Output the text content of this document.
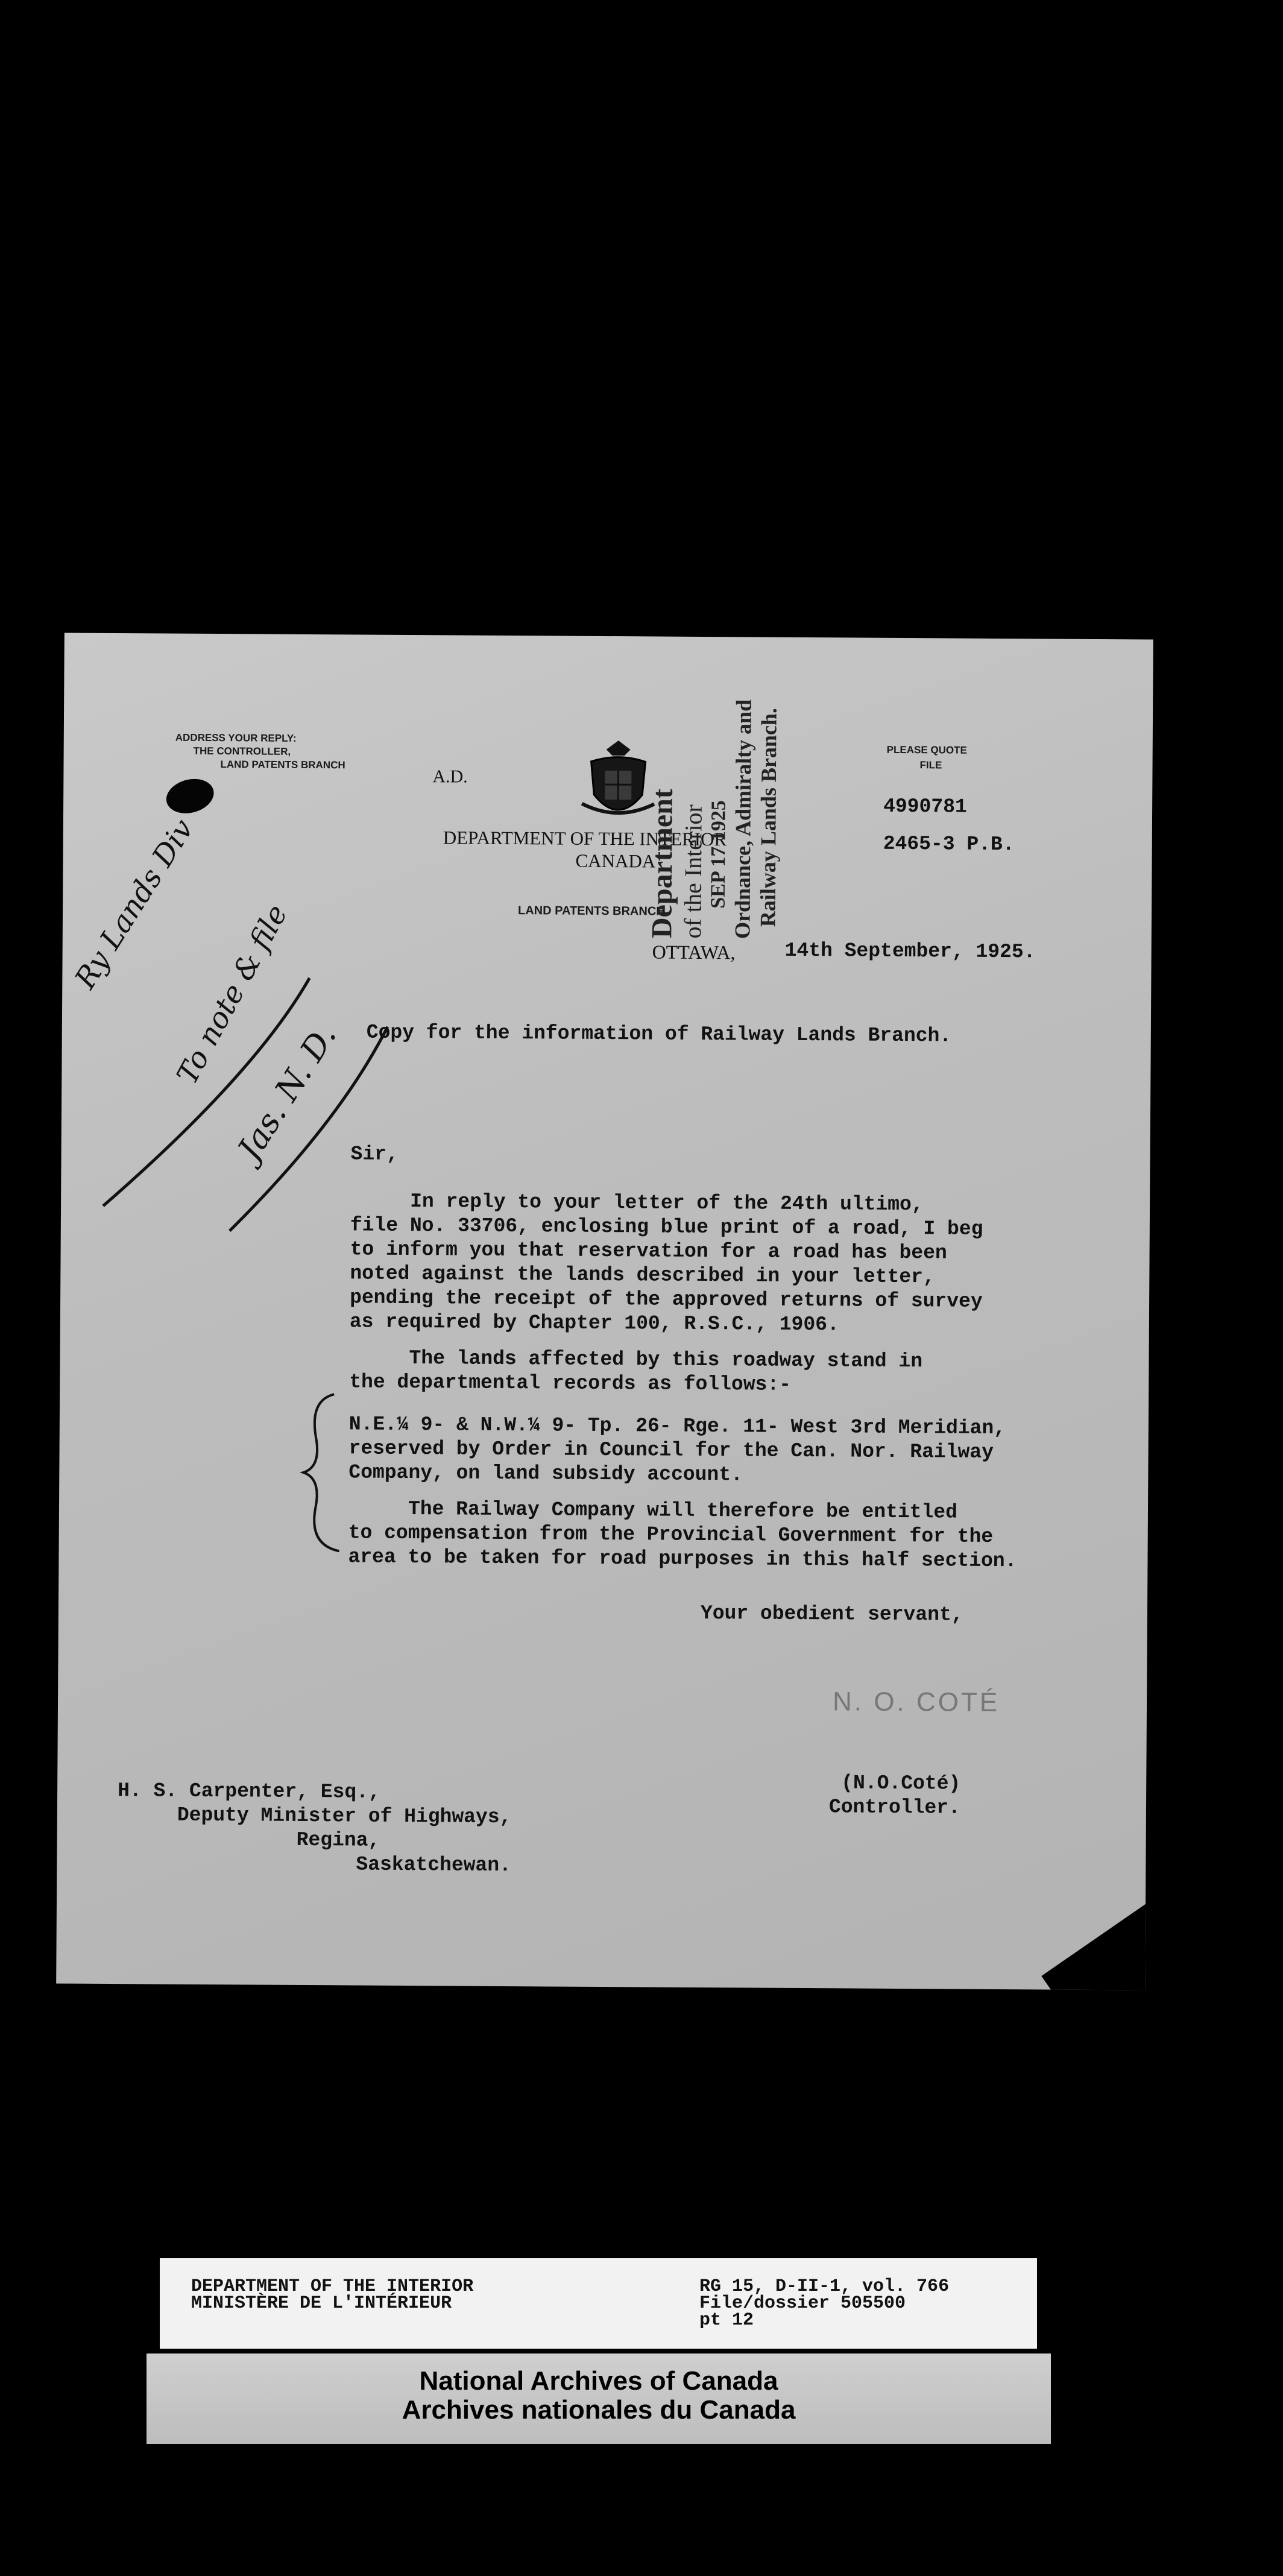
ADDRESS YOUR REPLY:
THE CONTROLLER,
LAND PATENTS BRANCH
A.D.
DEPARTMENT OF THE INTERIOR
CANADA
LAND PATENTS BRANCH
Department of the Interior SEP 17 1925 Ordnance, Admiralty and Railway Lands Branch.	PLEASE QUOTE
FILE
4990781
2465-3 P.B.
OTTAWA, 14th September, 1925.
Ry Lands Div
To note & file
Jas. N. D. Copy for the information of Railway Lands Branch.
Sir,
In reply to your letter of the 24th ultimo,
file No. 33706, enclosing blue print of a road, I beg
to inform you that reservation for a road has been
noted against the lands described in your letter,
pending the receipt of the approved returns of survey
as required by Chapter 100, R.S.C., 1906.
The lands affected by this roadway stand in
the departmental records as follows:-
N.E.¼ 9- & N.W.¼ 9- Tp. 26- Rge. 11- West 3rd Meridian,
reserved by Order in Council for the Can. Nor. Railway
Company, on land subsidy account.
The Railway Company will therefore be entitled
to compensation from the Provincial Government for the
area to be taken for road purposes in this half section.
Your obedient servant,
N. O. COTÉ
(N.O.Coté)
Controller.
H. S. Carpenter, Esq.,
Deputy Minister of Highways,
Regina,
Saskatchewan.
DEPARTMENT OF THE INTERIOR
MINISTÈRE DE L'INTÉRIEUR
RG 15, D-II-1, vol. 766
File/dossier 505500
pt 12
National Archives of Canada
Archives nationales du Canada
